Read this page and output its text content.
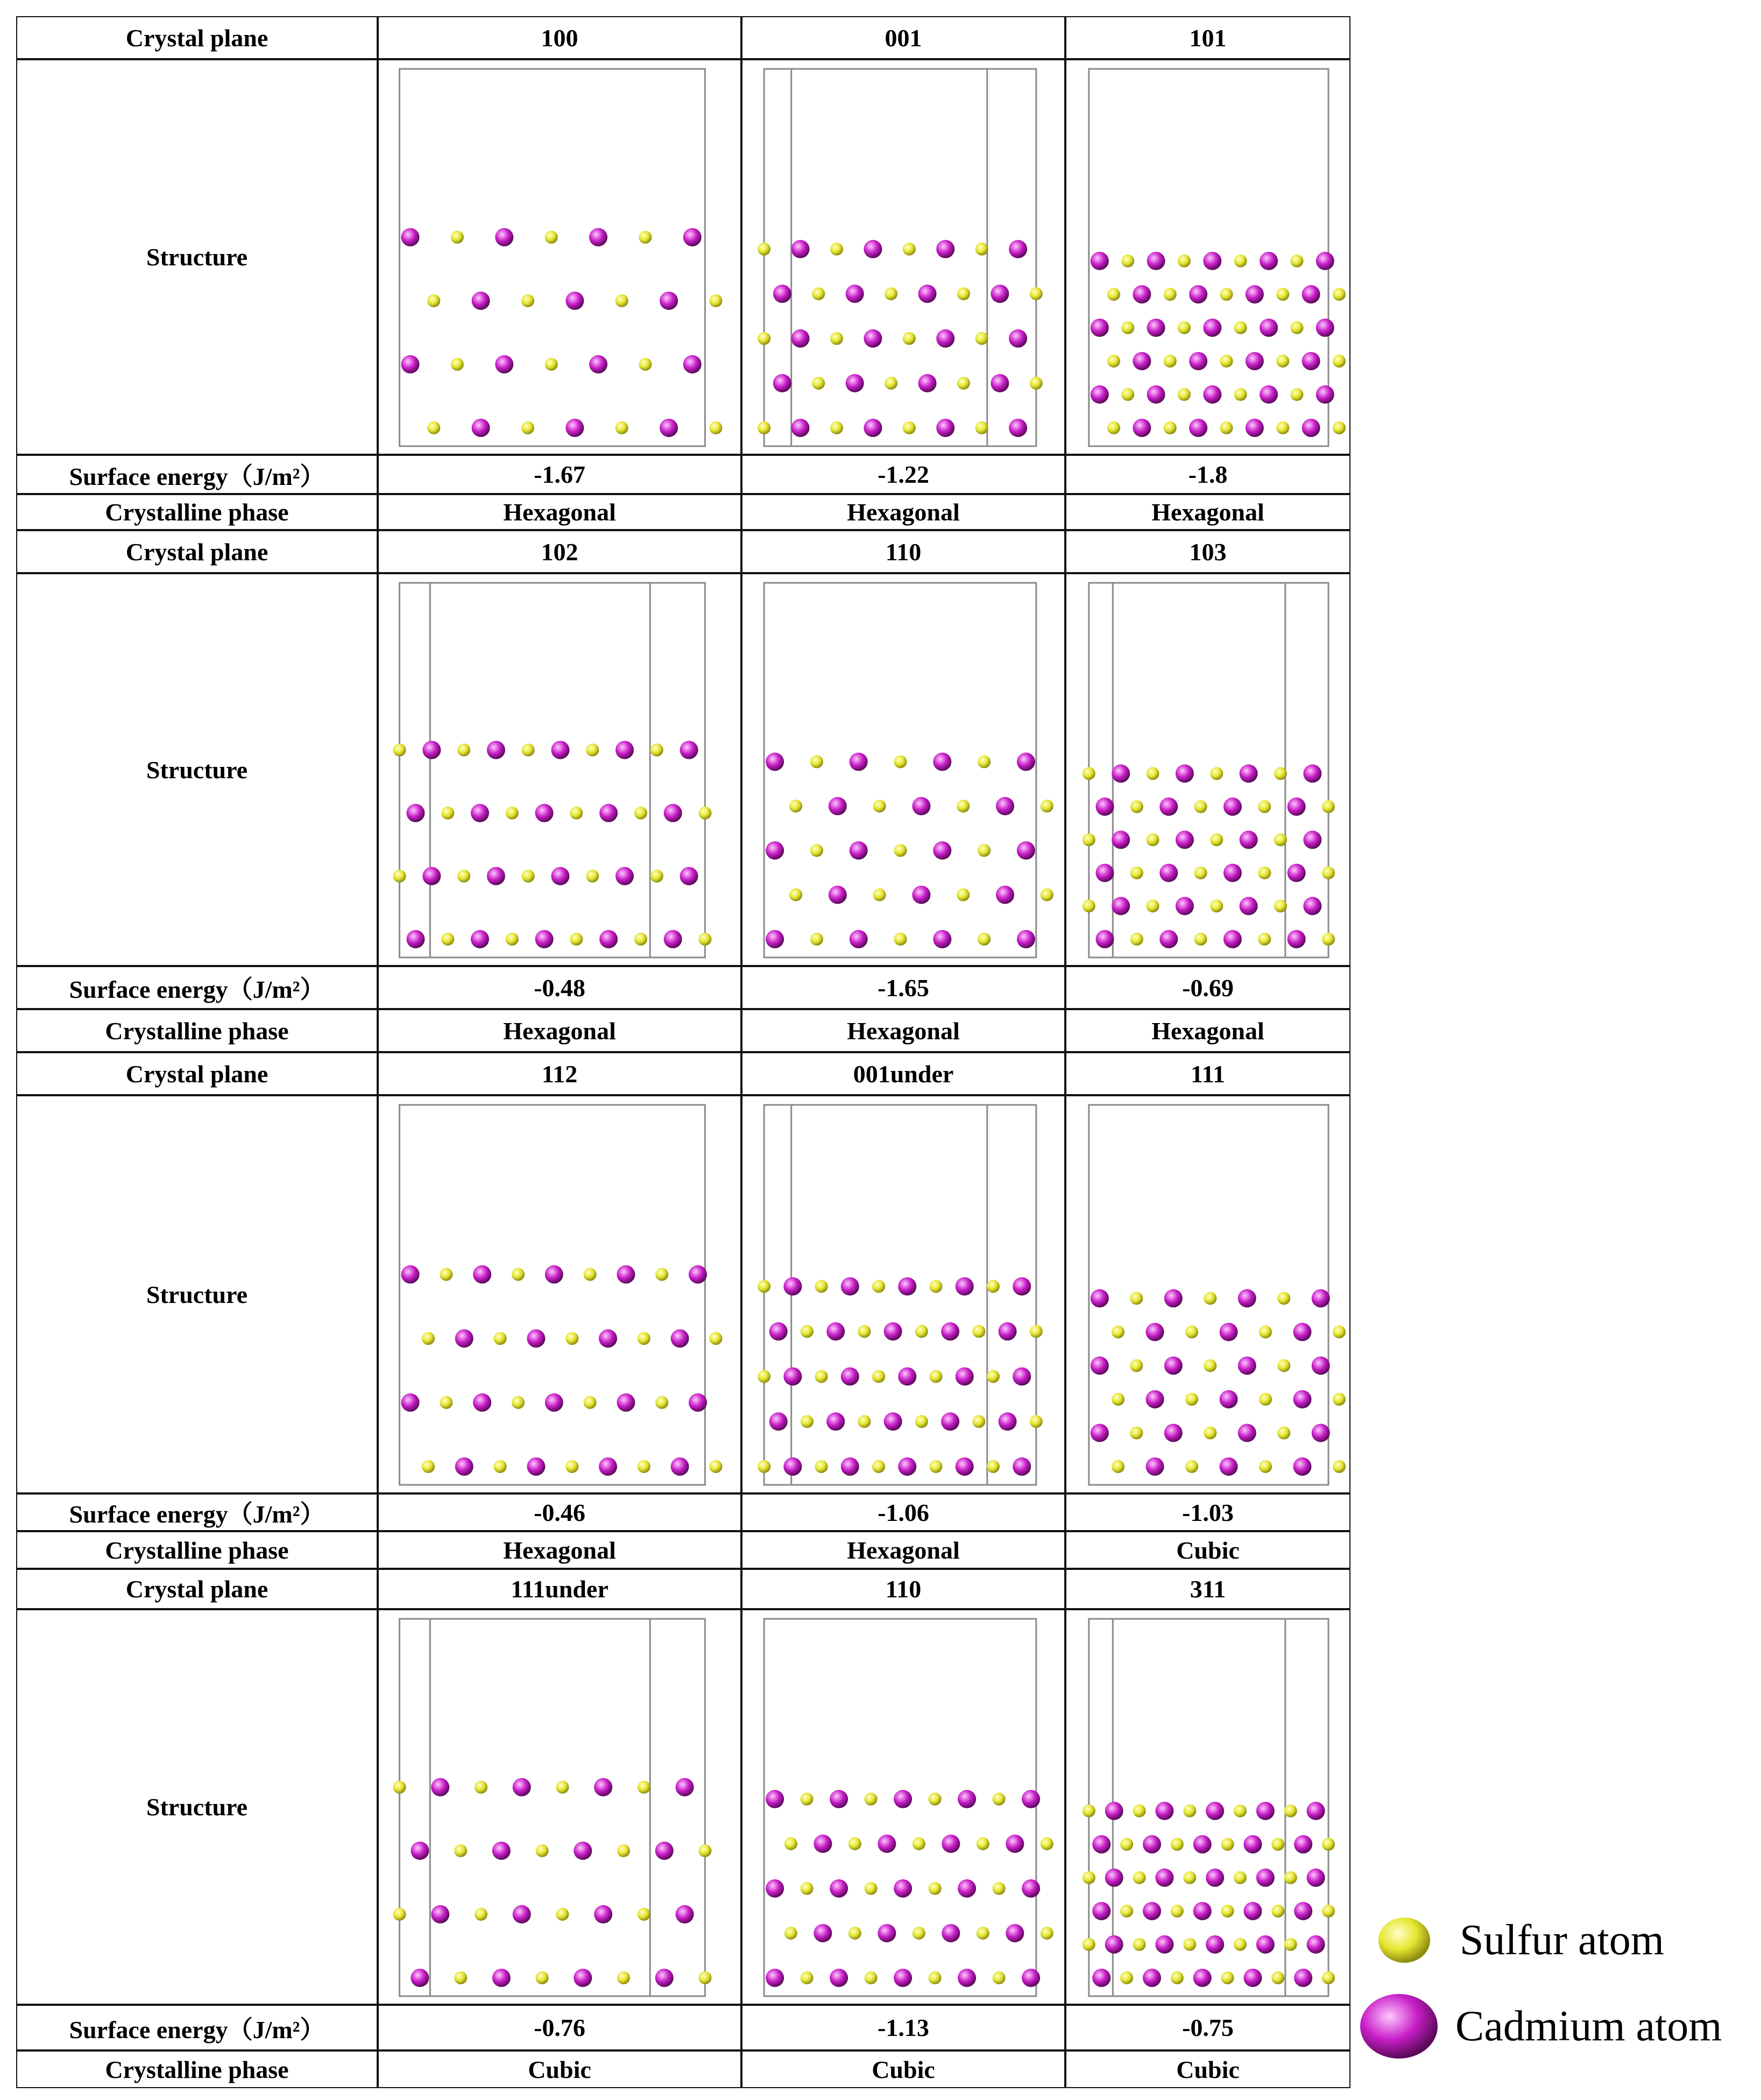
Crystal plane
Structure
Surface energy（J/m²）
Crystalline phase
100
-1.67
Hexagonal
001
-1.22
Hexagonal
101
-1.8
Hexagonal
Crystal plane
Structure
Surface energy（J/m²）
Crystalline phase
102
-0.48
Hexagonal
110
-1.65
Hexagonal
103
-0.69
Hexagonal
Crystal plane
Structure
Surface energy（J/m²）
Crystalline phase
112
-0.46
Hexagonal
001under
-1.06
Hexagonal
111
-1.03
Cubic
Crystal plane
Structure
Surface energy（J/m²）
Crystalline phase
111under
-0.76
Cubic
110
-1.13
Cubic
311
-0.75
Cubic
Sulfur atom
Cadmium atom
